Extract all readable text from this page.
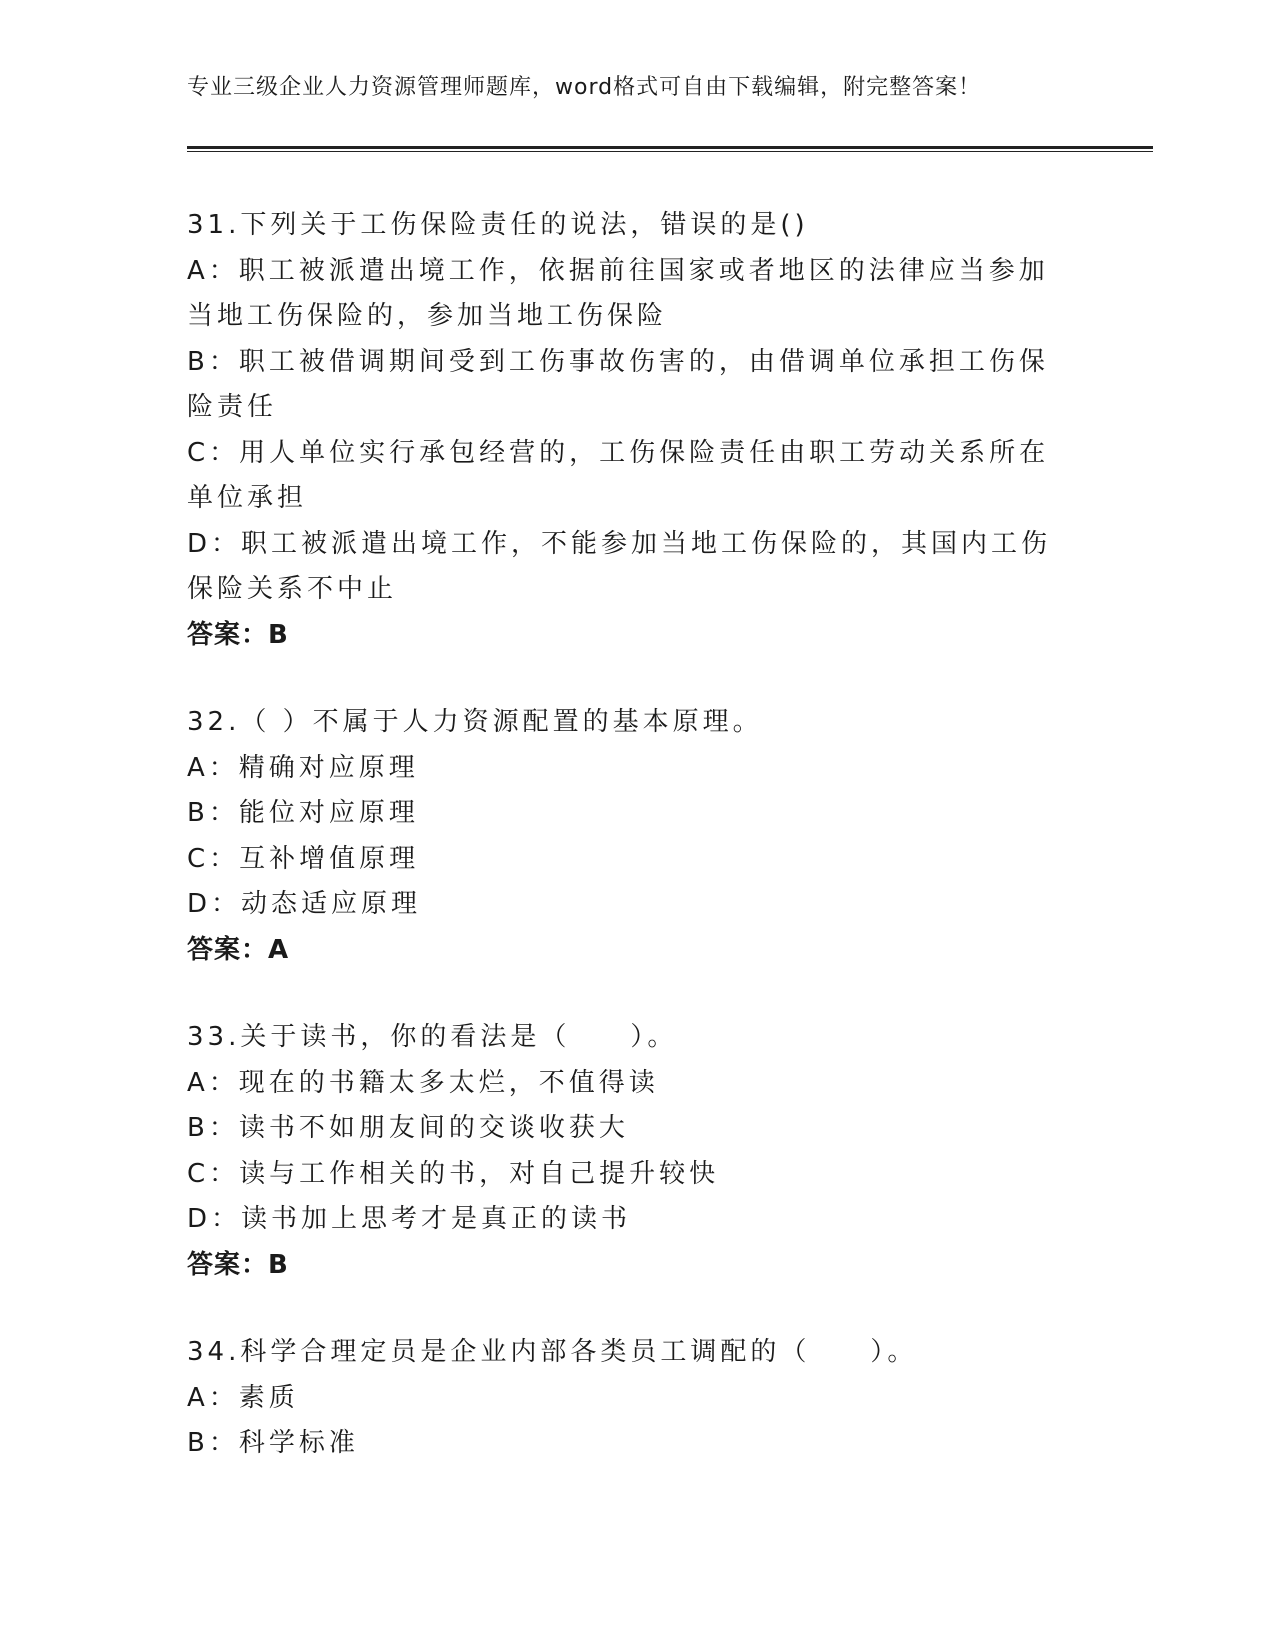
专业三级企业人力资源管理师题库，word格式可自由下载编辑，附完整答案！
31.下列关于工伤保险责任的说法，错误的是()
A：职工被派遣出境工作，依据前往国家或者地区的法律应当参加当地工伤保险的，参加当地工伤保险
B：职工被借调期间受到工伤事故伤害的，由借调单位承担工伤保险责任
C：用人单位实行承包经营的，工伤保险责任由职工劳动关系所在单位承担
D：职工被派遣出境工作，不能参加当地工伤保险的，其国内工伤保险关系不中止
答案：B
32.（ ）不属于人力资源配置的基本原理。
A：精确对应原理
B：能位对应原理
C：互补增值原理
D：动态适应原理
答案：A
33.关于读书，你的看法是（　　）。
A：现在的书籍太多太烂，不值得读
B：读书不如朋友间的交谈收获大
C：读与工作相关的书，对自己提升较快
D：读书加上思考才是真正的读书
答案：B
34.科学合理定员是企业内部各类员工调配的（　　）。
A：素质
B：科学标准
